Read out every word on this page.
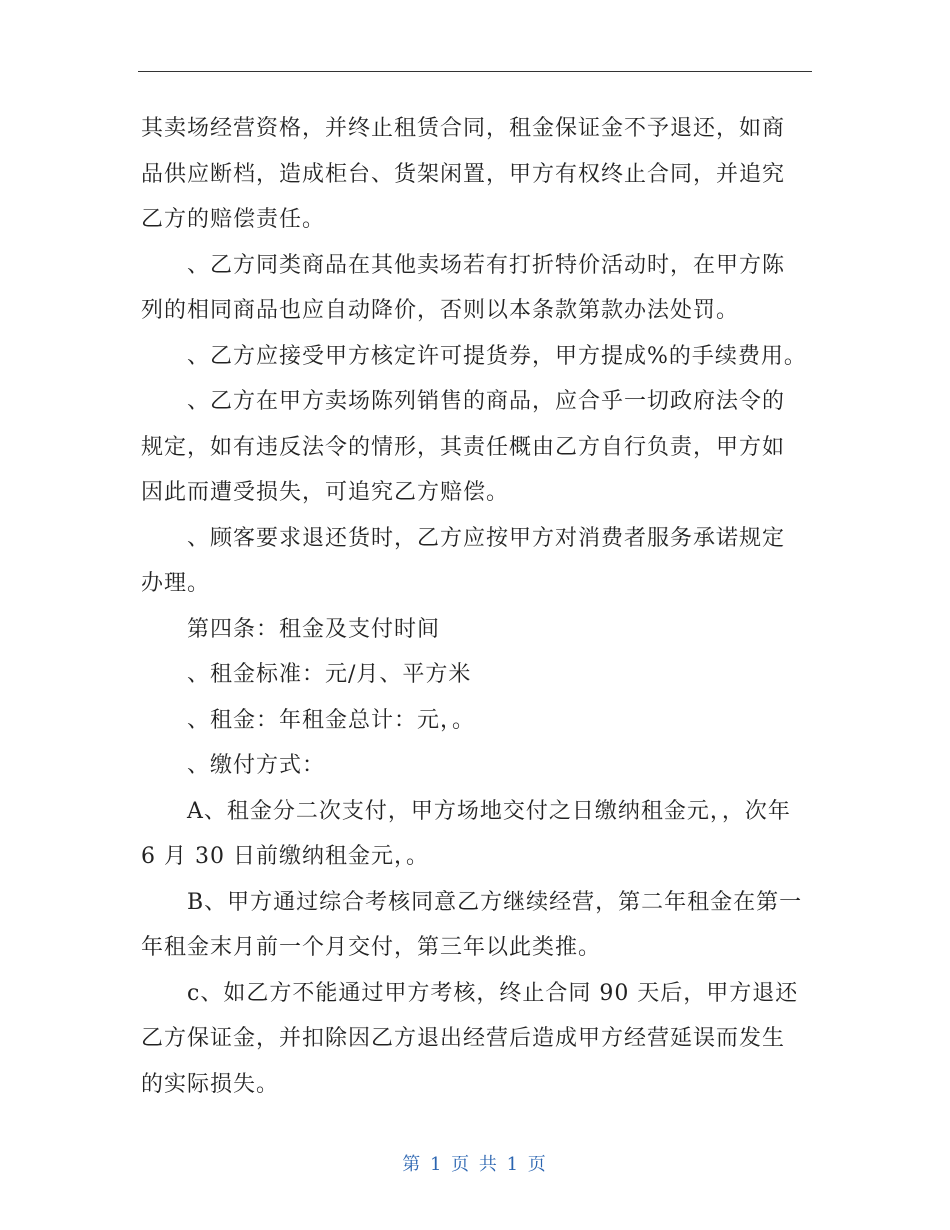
其卖场经营资格，并终止租赁合同，租金保证金不予退还，如商
品供应断档，造成柜台、货架闲置，甲方有权终止合同，并追究
乙方的赔偿责任。
、乙方同类商品在其他卖场若有打折特价活动时，在甲方陈
列的相同商品也应自动降价，否则以本条款第款办法处罚。
、乙方应接受甲方核定许可提货券，甲方提成%的手续费用。
、乙方在甲方卖场陈列销售的商品，应合乎一切政府法令的
规定，如有违反法令的情形，其责任概由乙方自行负责，甲方如
因此而遭受损失，可追究乙方赔偿。
、顾客要求退还货时，乙方应按甲方对消费者服务承诺规定
办理。
第四条：租金及支付时间
、租金标准：元/月、平方米
、租金：年租金总计：元，。
、缴付方式：
A、租金分二次支付，甲方场地交付之日缴纳租金元，，次年
6 月 30 日前缴纳租金元，。
B、甲方通过综合考核同意乙方继续经营，第二年租金在第一
年租金末月前一个月交付，第三年以此类推。
c、如乙方不能通过甲方考核，终止合同 90 天后，甲方退还
乙方保证金，并扣除因乙方退出经营后造成甲方经营延误而发生
的实际损失。
第 1 页 共 1 页
